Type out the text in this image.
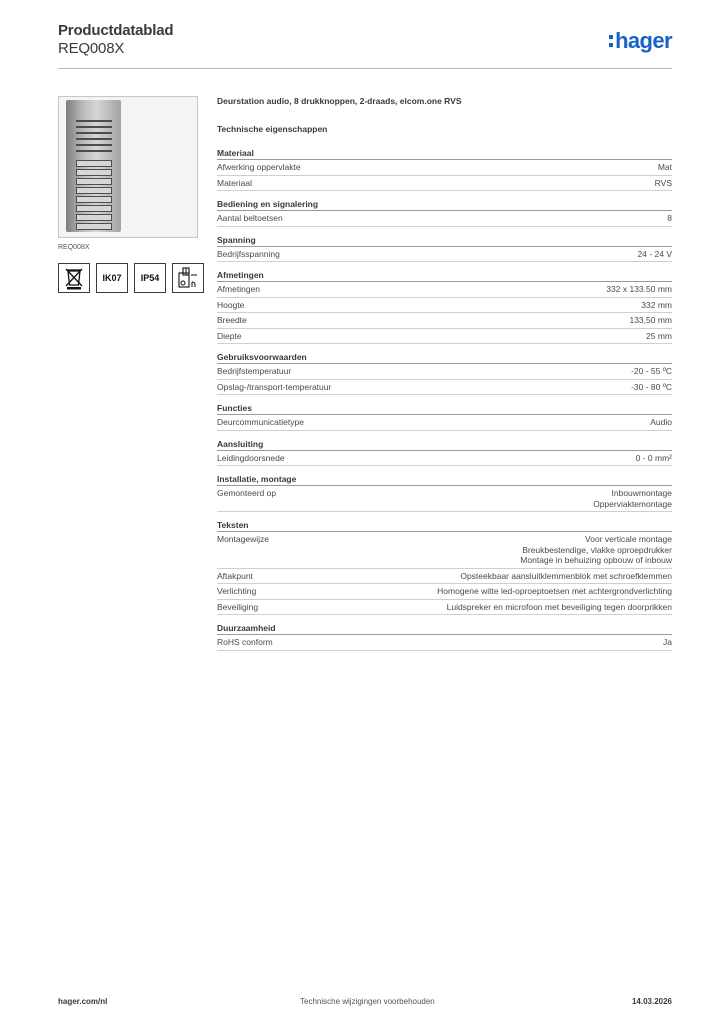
Productdatablad
REQ008X	hager
REQ008X
IK07	IP54
Deurstation audio, 8 drukknoppen, 2-draads, elcom.one RVS
Technische eigenschappen
Materiaal
Afwerking oppervlakte	Mat
Materiaal	RVS
Bediening en signalering
Aantal beltoetsen	8
Spanning
Bedrijfsspanning	24 - 24 V
Afmetingen
Afmetingen	332 x 133.50 mm
Hoogte	332 mm
Breedte	133,50 mm
Diepte	25 mm
Gebruiksvoorwaarden
Bedrijfstemperatuur	-20 - 55 ºC
Opslag-/transport-temperatuur	-30 - 80 ºC
Functies
Deurcommunicatietype	Audio
Aansluiting
Leidingdoorsnede	0 - 0 mm²
Installatie, montage
Gemonteerd op	Inbouwmontage
Opperviaktemontage
Teksten
Montagewijze	Voor verticale montage
Breukbestendige, vlakke oproepdrukker
Montage in behuizing opbouw of inbouw
Aftakpunt	Opsteekbaar aansluitklemmenblok met schroefklemmen
Verlichting	Homogene witte led-oproeptoetsen met achtergrondverlichting
Beveiliging	Luidspreker en microfoon met beveiliging tegen doorprikken
Duurzaamheid
RoHS conform	Ja
hager.com/nl	Technische wijzigingen voorbehouden	14.03.2026
